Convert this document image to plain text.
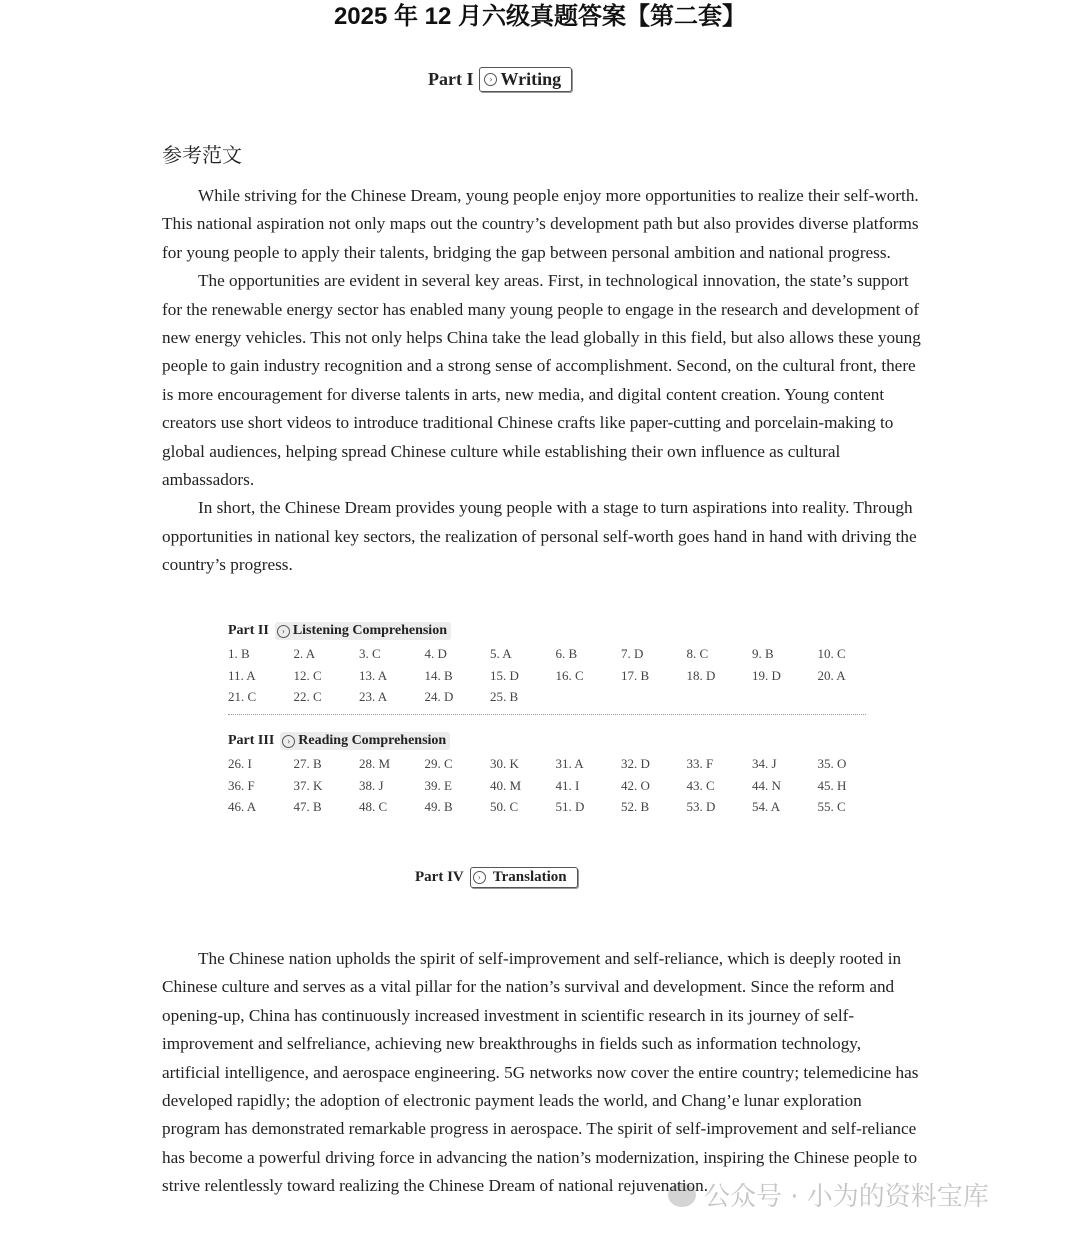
公众号 · 小为的资料宝库
2025 年 12 月六级真题答案【第二套】
Part I	› Writing
参考范文

While striving for the Chinese Dream, young people enjoy more opportunities to realize their self-worth. This national aspiration not only maps out the country’s development path but also provides diverse platforms for young people to apply their talents, bridging the gap between personal ambition and national progress.

The opportunities are evident in several key areas. First, in technological innovation, the state’s support for the renewable energy sector has enabled many young people to engage in the research and development of new energy vehicles. This not only helps China take the lead globally in this field, but also allows these young people to gain industry recognition and a strong sense of accomplishment. Second, on the cultural front, there is more encouragement for diverse talents in arts, new media, and digital content creation. Young content creators use short videos to introduce traditional Chinese crafts like paper-cutting and porcelain-making to global audiences, helping spread Chinese culture while establishing their own influence as cultural ambassadors.

In short, the Chinese Dream provides young people with a stage to turn aspirations into reality. Through opportunities in national key sectors, the realization of personal self-worth goes hand in hand with driving the country’s progress.

Part II	› Listening Comprehension
1. B	2. A	3. C	4. D	5. A	6. B	7. D	8. C	9. B	10. C
11. A	12. C	13. A	14. B	15. D	16. C	17. B	18. D	19. D	20. A
21. C	22. C	23. A	24. D	25. B
Part III	› Reading Comprehension
26. I	27. B	28. M	29. C	30. K	31. A	32. D	33. F	34. J	35. O
36. F	37. K	38. J	39. E	40. M	41. I	42. O	43. C	44. N	45. H
46. A	47. B	48. C	49. B	50. C	51. D	52. B	53. D	54. A	55. C
Part IV	› Translation

The Chinese nation upholds the spirit of self-improvement and self-reliance, which is deeply rooted in Chinese culture and serves as a vital pillar for the nation’s survival and development. Since the reform and opening-up, China has continuously increased investment in scientific research in its journey of self-improvement and selfreliance, achieving new breakthroughs in fields such as information technology, artificial intelligence, and aerospace engineering. 5G networks now cover the entire country; telemedicine has developed rapidly; the adoption of electronic payment leads the world, and Chang’e lunar exploration program has demonstrated remarkable progress in aerospace. The spirit of self-improvement and self-reliance has become a powerful driving force in advancing the nation’s modernization, inspiring the Chinese people to strive relentlessly toward realizing the Chinese Dream of national rejuvenation.
